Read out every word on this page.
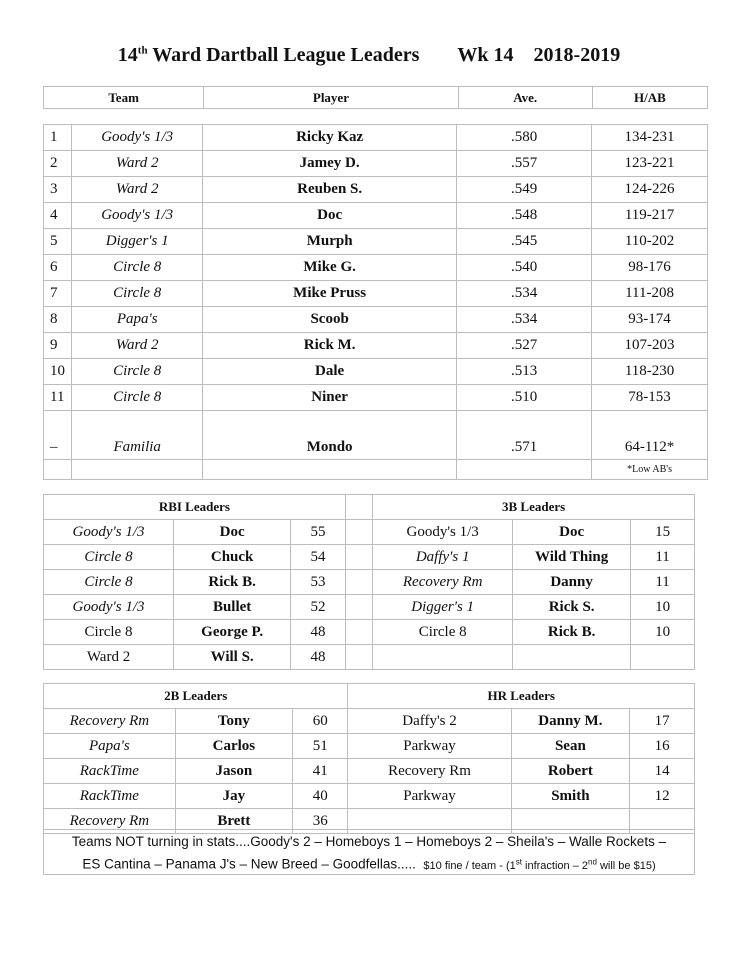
14th Ward Dartball League Leaders Wk 14 2018-2019
Team	Player	Ave.	H/AB
1	Goody's 1/3	Ricky Kaz	.580	134-231
2	Ward 2	Jamey D.	.557	123-221
3	Ward 2	Reuben S.	.549	124-226
4	Goody's 1/3	Doc	.548	119-217
5	Digger's 1	Murph	.545	110-202
6	Circle 8	Mike G.	.540	98-176
7	Circle 8	Mike Pruss	.534	111-208
8	Papa's	Scoob	.534	93-174
9	Ward 2	Rick M.	.527	107-203
10	Circle 8	Dale	.513	118-230
11	Circle 8	Niner	.510	78-153
–	Familia	Mondo	.571	64-112*
				*Low AB's
RBI Leaders				3B Leaders		
Goody's 1/3	Doc	55		Goody's 1/3	Doc	15
Circle 8	Chuck	54		Daffy's 1	Wild Thing	11
Circle 8	Rick B.	53		Recovery Rm	Danny	11
Goody's 1/3	Bullet	52		Digger's 1	Rick S.	10
Circle 8	George P.	48		Circle 8	Rick B.	10
Ward 2	Will S.	48				
2B Leaders			HR Leaders		
Recovery Rm	Tony	60	Daffy's 2	Danny M.	17
Papa's	Carlos	51	Parkway	Sean	16
RackTime	Jason	41	Recovery Rm	Robert	14
RackTime	Jay	40	Parkway	Smith	12
Recovery Rm	Brett	36			
Teams NOT turning in stats....Goody's 2 – Homeboys 1 – Homeboys 2 – Sheila's – Walle Rockets –
ES Cantina – Panama J's – New Breed – Goodfellas..... $10 fine / team - (1st infraction – 2nd will be $15)
